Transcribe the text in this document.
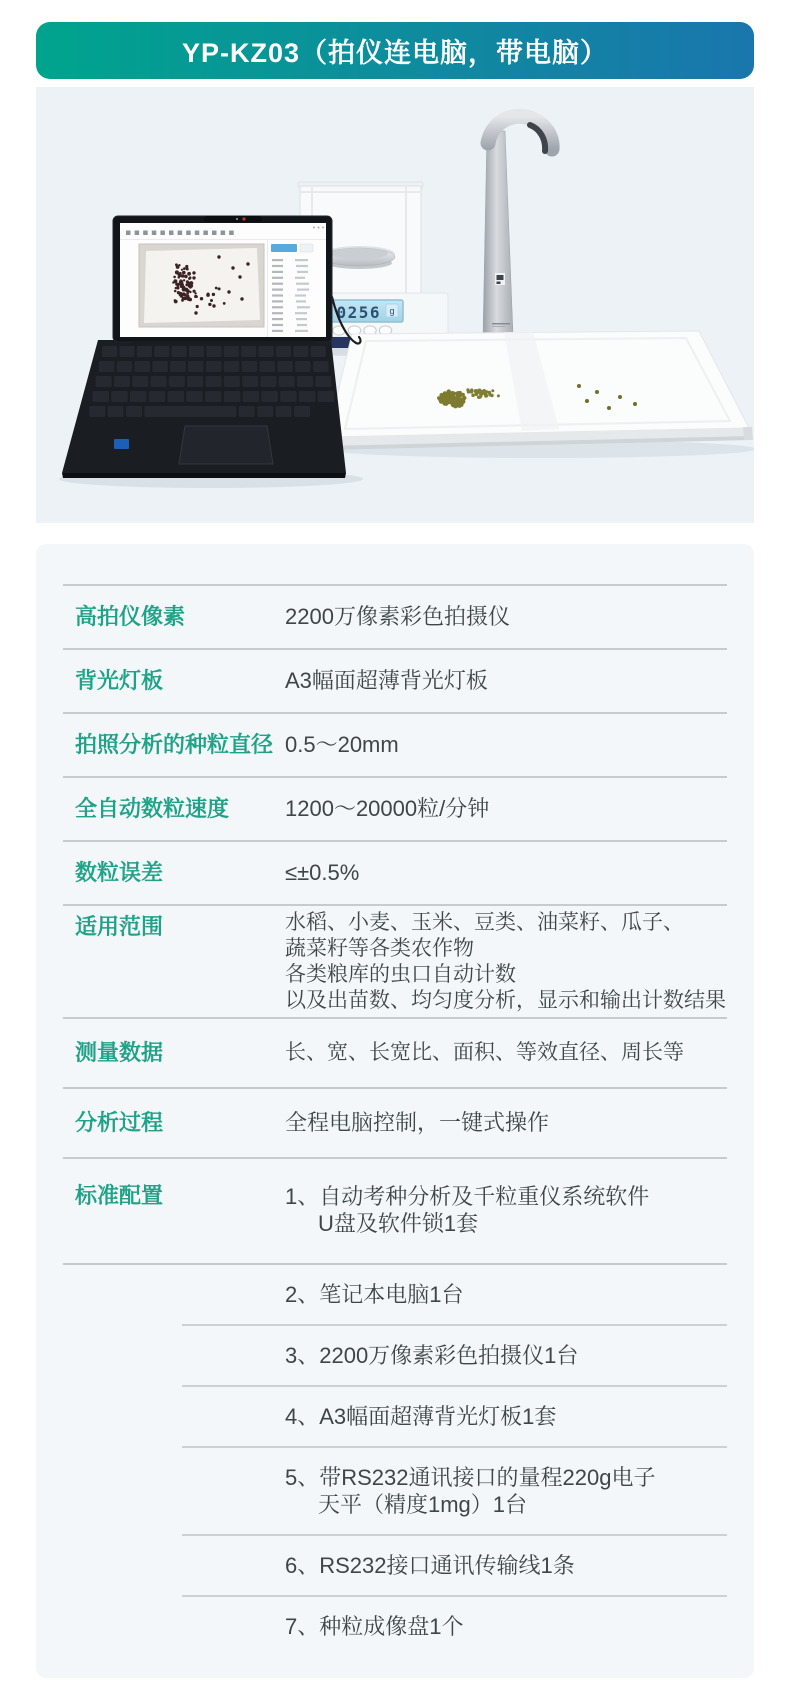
YP-KZ03（拍仪连电脑，带电脑）
0256 g
高拍仪像素	2200万像素彩色拍摄仪
背光灯板	A3幅面超薄背光灯板
拍照分析的种粒直径 0.5～20mm
全自动数粒速度	1200～20000粒/分钟
数粒误差	≤±0.5%
适用范围	水稻、小麦、玉米、豆类、油菜籽、瓜子、
蔬菜籽等各类农作物
各类粮库的虫口自动计数
以及出苗数、均匀度分析，显示和输出计数结果
测量数据	长、宽、长宽比、面积、等效直径、周长等
分析过程	全程电脑控制，一键式操作
标准配置	1、自动考种分析及千粒重仪系统软件
U盘及软件锁1套
2、笔记本电脑1台
3、2200万像素彩色拍摄仪1台
4、A3幅面超薄背光灯板1套
5、带RS232通讯接口的量程220g电子
天平（精度1mg）1台
6、RS232接口通讯传输线1条
7、种粒成像盘1个
